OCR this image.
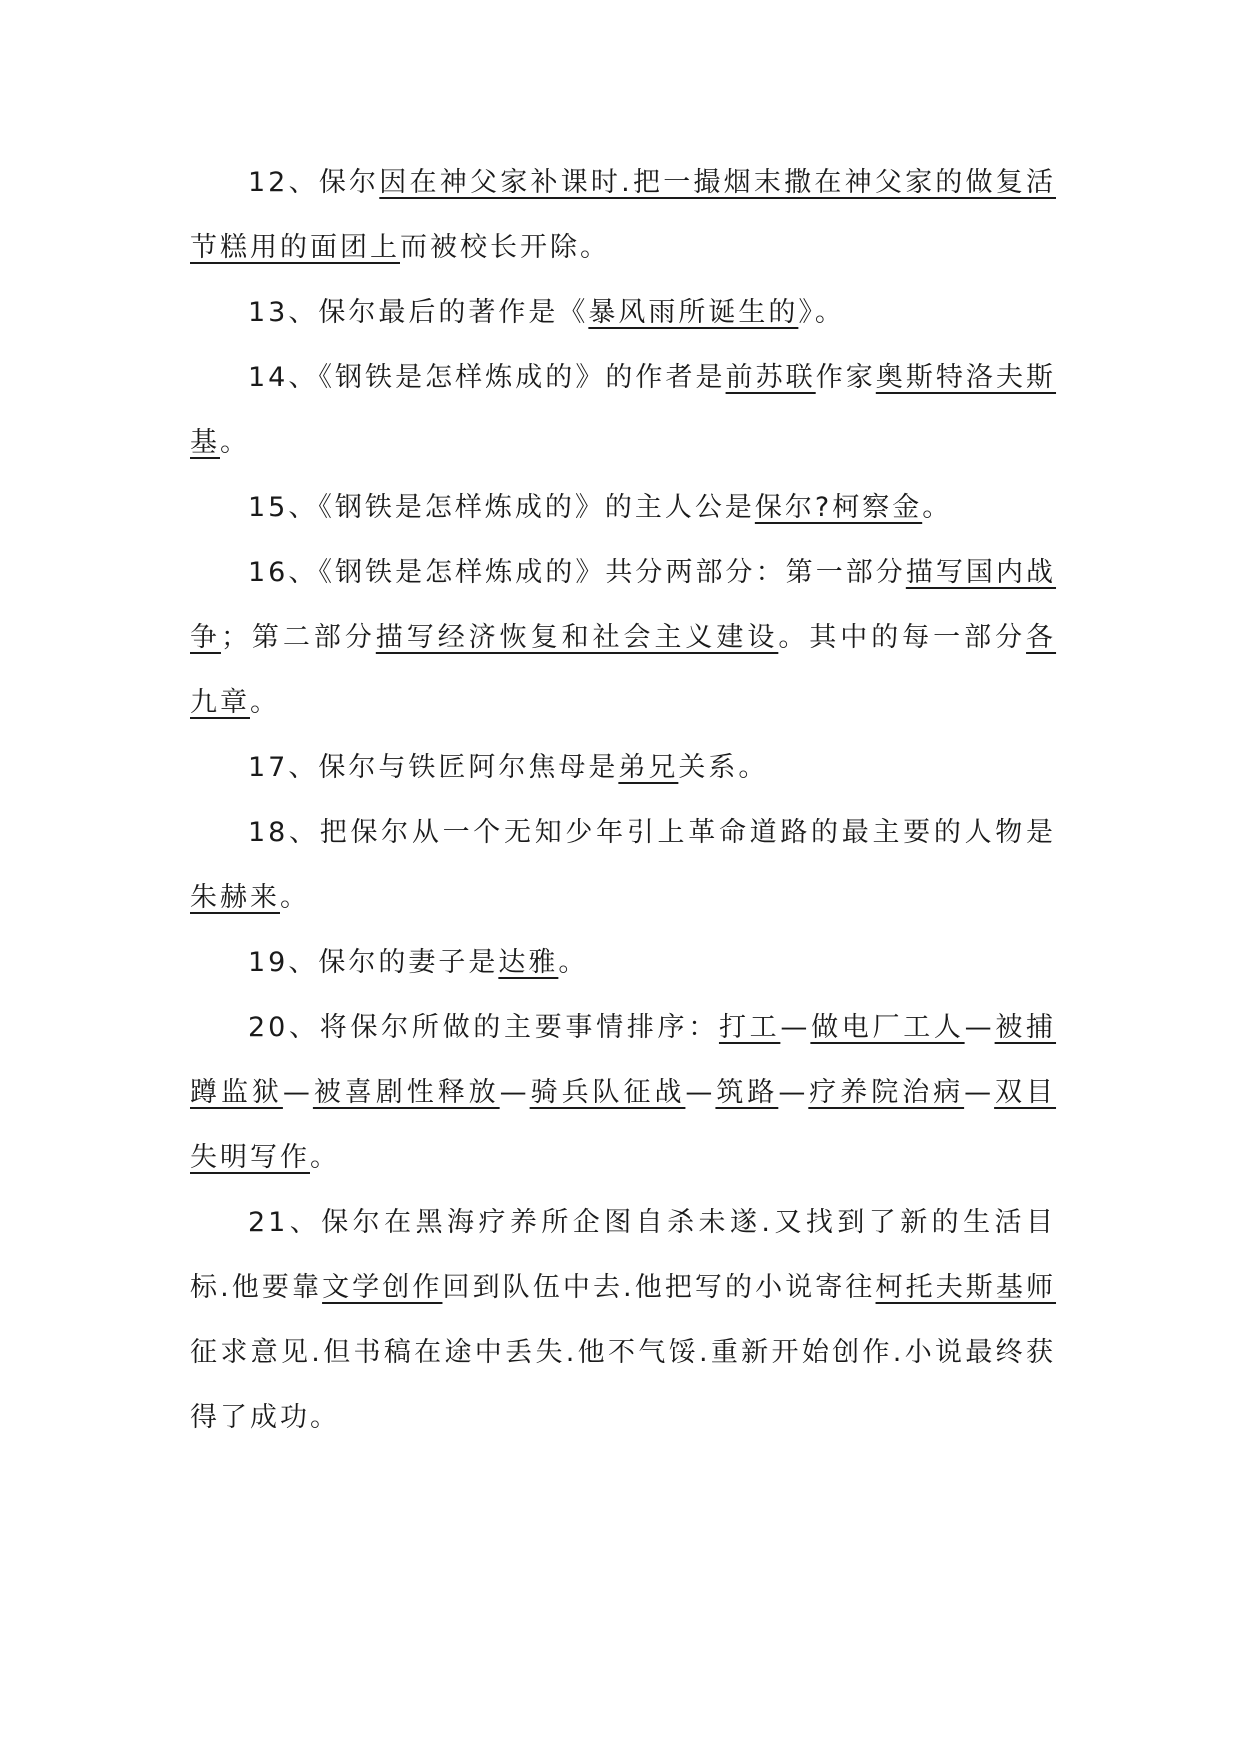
12、保尔因在神父家补课时.把一撮烟末撒在神父家的做复活节糕用的面团上而被校长开除。

13、保尔最后的著作是《暴风雨所诞生的》。

14、《钢铁是怎样炼成的》的作者是前苏联作家奥斯特洛夫斯基。

15、《钢铁是怎样炼成的》的主人公是保尔?柯察金。

16、《钢铁是怎样炼成的》共分两部分：第一部分描写国内战争；第二部分描写经济恢复和社会主义建设。其中的每一部分各九章。

17、保尔与铁匠阿尔焦母是弟兄关系。

18、把保尔从一个无知少年引上革命道路的最主要的人物是朱赫来。

19、保尔的妻子是达雅。

20、将保尔所做的主要事情排序：打工—做电厂工人—被捕蹲监狱—被喜剧性释放—骑兵队征战—筑路—疗养院治病—双目失明写作。

21、保尔在黑海疗养所企图自杀未遂.又找到了新的生活目标.他要靠文学创作回到队伍中去.他把写的小说寄往柯托夫斯基师征求意见.但书稿在途中丢失.他不气馁.重新开始创作.小说最终获得了成功。
